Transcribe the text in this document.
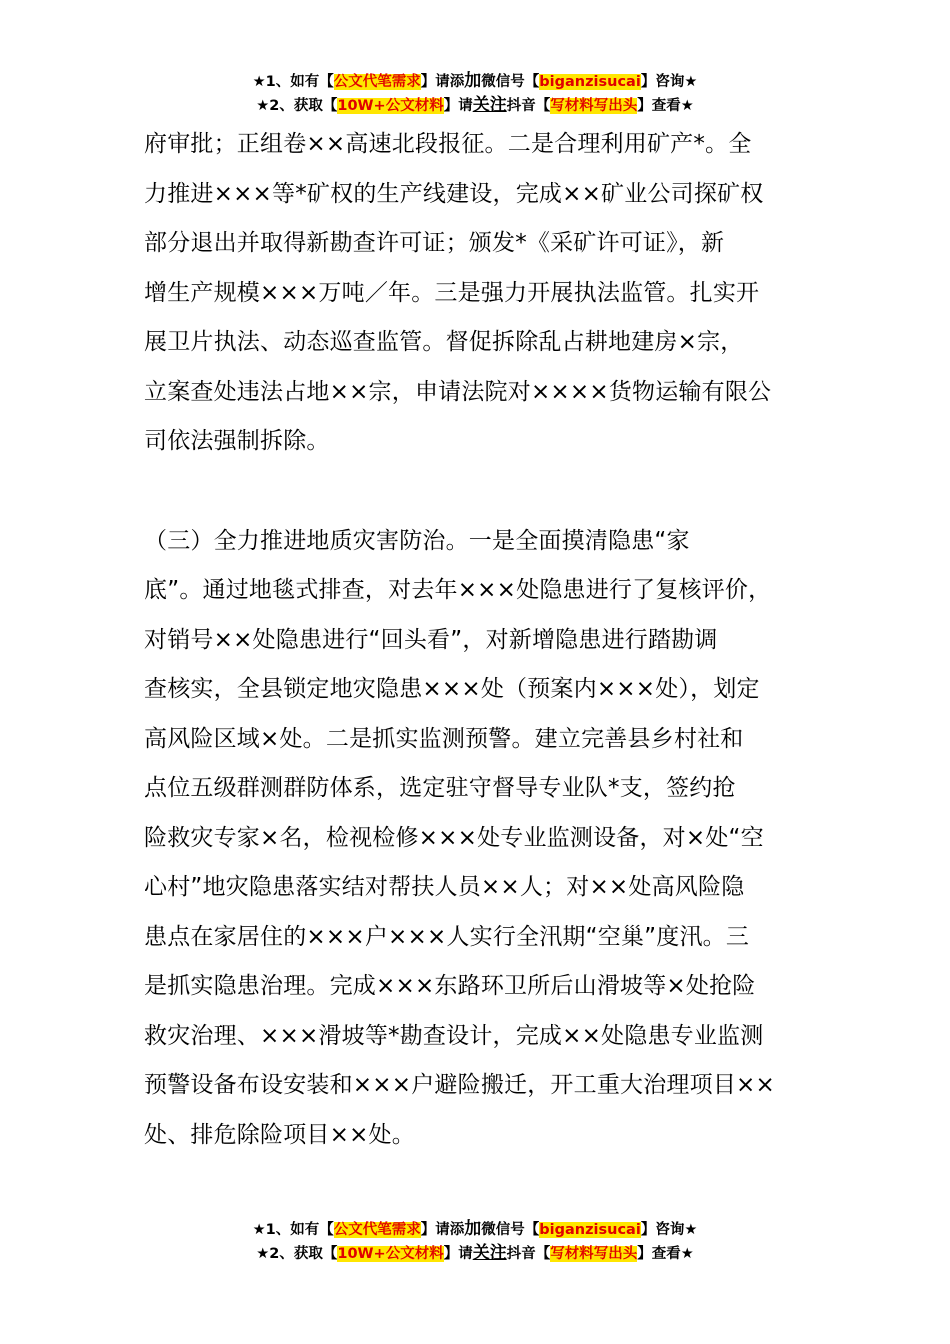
★1、如有【公文代笔需求】请添加微信号【biganzisucai】咨询★
★2、获取【10W+公文材料】请关注抖音【写材料写出头】查看★

府审批；正组卷××高速北段报征。二是合理利用矿产*。全

力推进×××等*矿权的生产线建设，完成××矿业公司探矿权

部分退出并取得新勘查许可证；颁发*《采矿许可证》，新

增生产规模×××万吨／年。三是强力开展执法监管。扎实开

展卫片执法、动态巡查监管。督促拆除乱占耕地建房×宗，

立案查处违法占地××宗，申请法院对××××货物运输有限公

司依法强制拆除。

（三）全力推进地质灾害防治。一是全面摸清隐患“家

底”。通过地毯式排查，对去年×××处隐患进行了复核评价，

对销号××处隐患进行“回头看”，对新增隐患进行踏勘调

查核实，全县锁定地灾隐患×××处（预案内×××处），划定

高风险区域×处。二是抓实监测预警。建立完善县乡村社和

点位五级群测群防体系，选定驻守督导专业队*支，签约抢

险救灾专家×名，检视检修×××处专业监测设备，对×处“空

心村”地灾隐患落实结对帮扶人员××人；对××处高风险隐

患点在家居住的×××户×××人实行全汛期“空巢”度汛。三

是抓实隐患治理。完成×××东路环卫所后山滑坡等×处抢险

救灾治理、×××滑坡等*勘查设计，完成××处隐患专业监测

预警设备布设安装和×××户避险搬迁，开工重大治理项目××

处、排危除险项目××处。

★1、如有【公文代笔需求】请添加微信号【biganzisucai】咨询★
★2、获取【10W+公文材料】请关注抖音【写材料写出头】查看★
